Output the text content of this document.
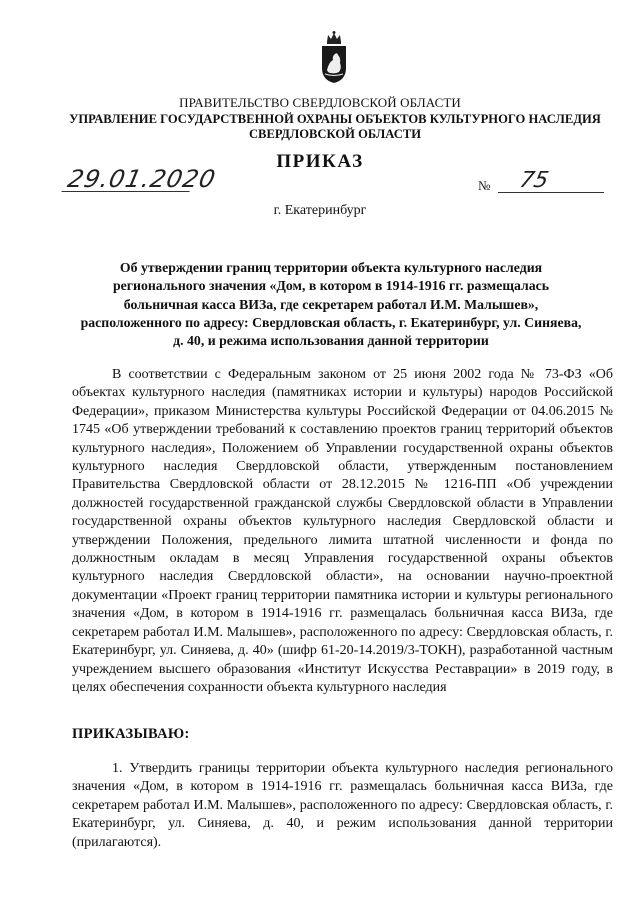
ПРАВИТЕЛЬСТВО СВЕРДЛОВСКОЙ ОБЛАСТИ
УПРАВЛЕНИЕ ГОСУДАРСТВЕННОЙ ОХРАНЫ ОБЪЕКТОВ КУЛЬТУРНОГО НАСЛЕДИЯ СВЕРДЛОВСКОЙ ОБЛАСТИ
ПРИКАЗ
29.01.2020	№ 75
г. Екатеринбург
Об утверждении границ территории объекта культурного наследия регионального значения «Дом, в котором в 1914-1916 гг. размещалась больничная касса ВИЗа, где секретарем работал И.М. Малышев», расположенного по адресу: Свердловская область, г. Екатеринбург, ул. Синяева, д. 40, и режима использования данной территории

В соответствии с Федеральным законом от 25 июня 2002 года № 73-ФЗ «Об объектах культурного наследия (памятниках истории и культуры) народов Российской Федерации», приказом Министерства культуры Российской Федерации от 04.06.2015 № 1745 «Об утверждении требований к составлению проектов границ территорий объектов культурного наследия», Положением об Управлении государственной охраны объектов культурного наследия Свердловской области, утвержденным постановлением Правительства Свердловской области от 28.12.2015 № 1216-ПП «Об учреждении должностей государственной гражданской службы Свердловской области в Управлении государственной охраны объектов культурного наследия Свердловской области и утверждении Положения, предельного лимита штатной численности и фонда по должностным окладам в месяц Управления государственной охраны объектов культурного наследия Свердловской области», на основании научно-проектной документации «Проект границ территории памятника истории и культуры регионального значения «Дом, в котором в 1914-1916 гг. размещалась больничная касса ВИЗа, где секретарем работал И.М. Малышев», расположенного по адресу: Свердловская область, г. Екатеринбург, ул. Синяева, д. 40» (шифр 61-20-14.2019/3-ТОКН), разработанной частным учреждением высшего образования «Институт Искусства Реставрации» в 2019 году, в целях обеспечения сохранности объекта культурного наследия

ПРИКАЗЫВАЮ:

1. Утвердить границы территории объекта культурного наследия регионального значения «Дом, в котором в 1914-1916 гг. размещалась больничная касса ВИЗа, где секретарем работал И.М. Малышев», расположенного по адресу: Свердловская область, г. Екатеринбург, ул. Синяева, д. 40, и режим использования данной территории (прилагаются).
